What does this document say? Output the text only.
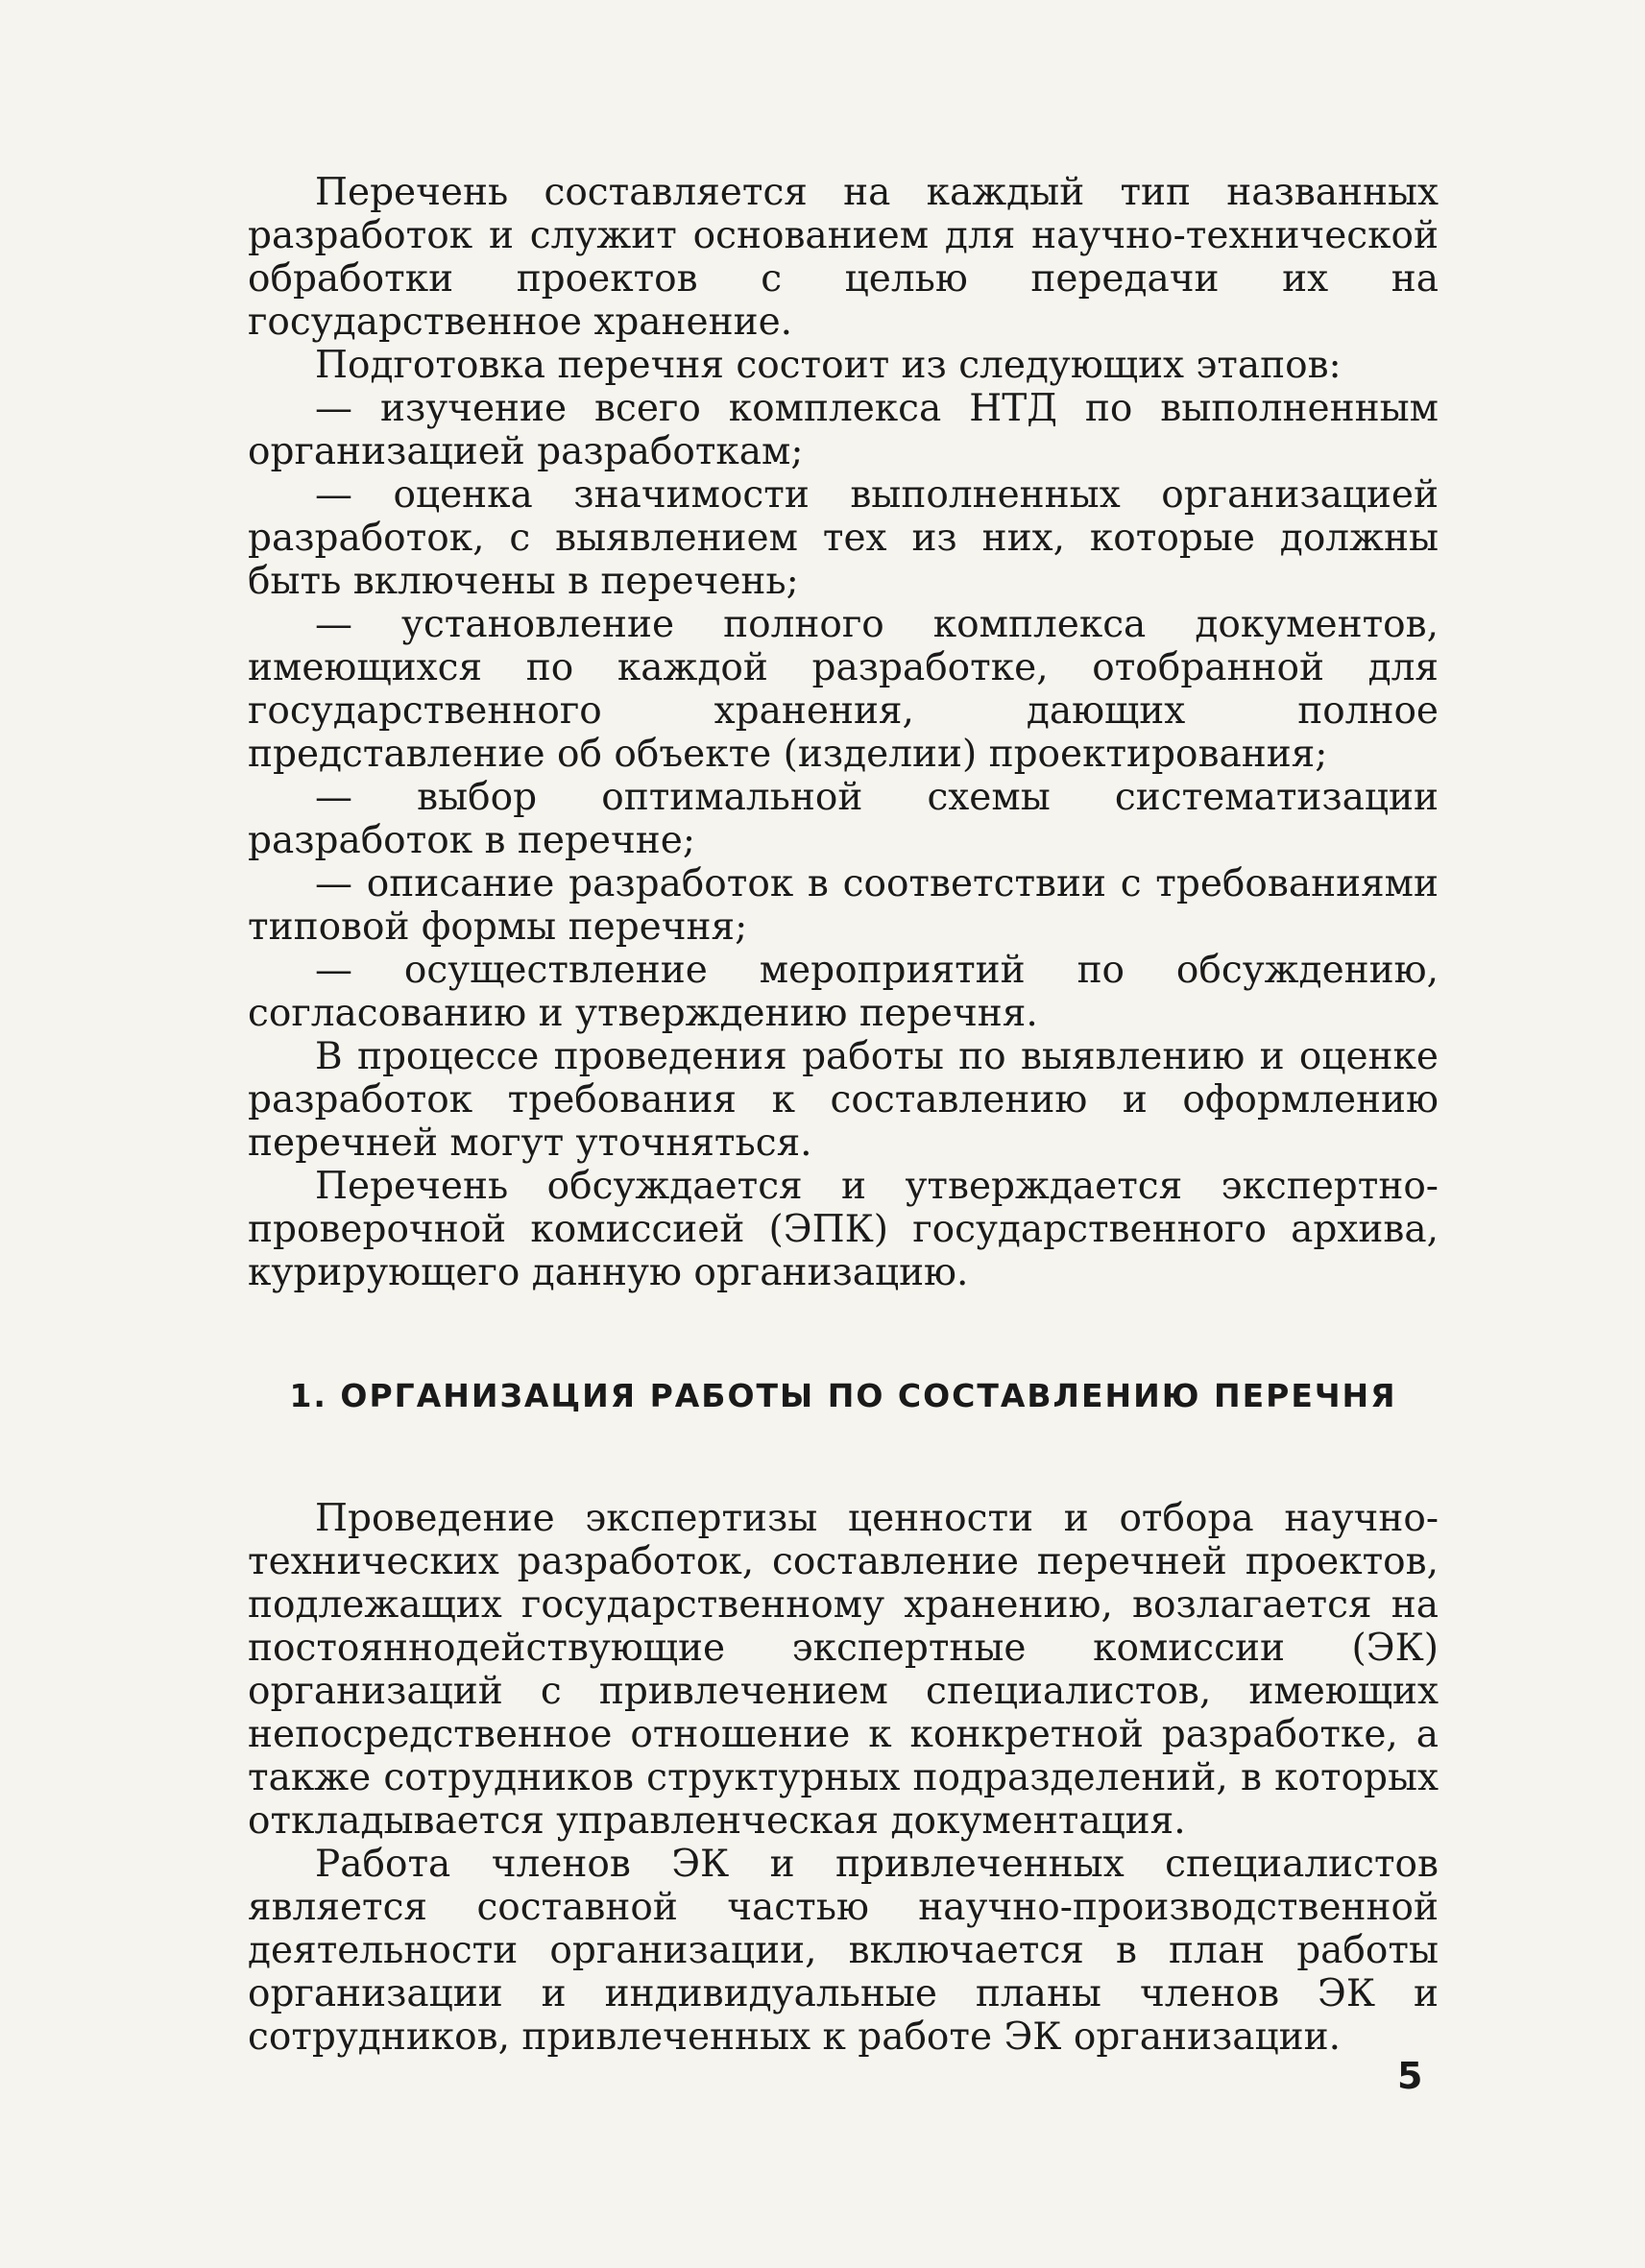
Перечень составляется на каждый тип названных разработок и служит основанием для научно-технической обработки проектов с целью передачи их на государственное хранение.

Подготовка перечня состоит из следующих этапов:

— изучение всего комплекса НТД по выполненным организацией разработкам;

— оценка значимости выполненных организацией разработок, с выявлением тех из них, которые должны быть включены в перечень;

— установление полного комплекса документов, имеющихся по каждой разработке, отобранной для государственного хранения, дающих полное представление об объекте (изделии) проектирования;

— выбор оптимальной схемы систематизации разработок в перечне;

— описание разработок в соответствии с требованиями типовой формы перечня;

— осуществление мероприятий по обсуждению, согласованию и утверждению перечня.

В процессе проведения работы по выявлению и оценке разработок требования к составлению и оформлению перечней могут уточняться.

Перечень обсуждается и утверждается экспертно-проверочной комиссией (ЭПК) государственного архива, курирующего данную организацию.

1. ОРГАНИЗАЦИЯ РАБОТЫ ПО СОСТАВЛЕНИЮ ПЕРЕЧНЯ

Проведение экспертизы ценности и отбора научно-технических разработок, составление перечней проектов, подлежащих государственному хранению, возлагается на постояннодействующие экспертные комиссии (ЭК) организаций с привлечением специалистов, имеющих непосредственное отношение к конкретной разработке, а также сотрудников структурных подразделений, в которых откладывается управленческая документация.

Работа членов ЭК и привлеченных специалистов является составной частью научно-производственной деятельности организации, включается в план работы организации и индивидуальные планы членов ЭК и сотрудников, привлеченных к работе ЭК организации.

5
